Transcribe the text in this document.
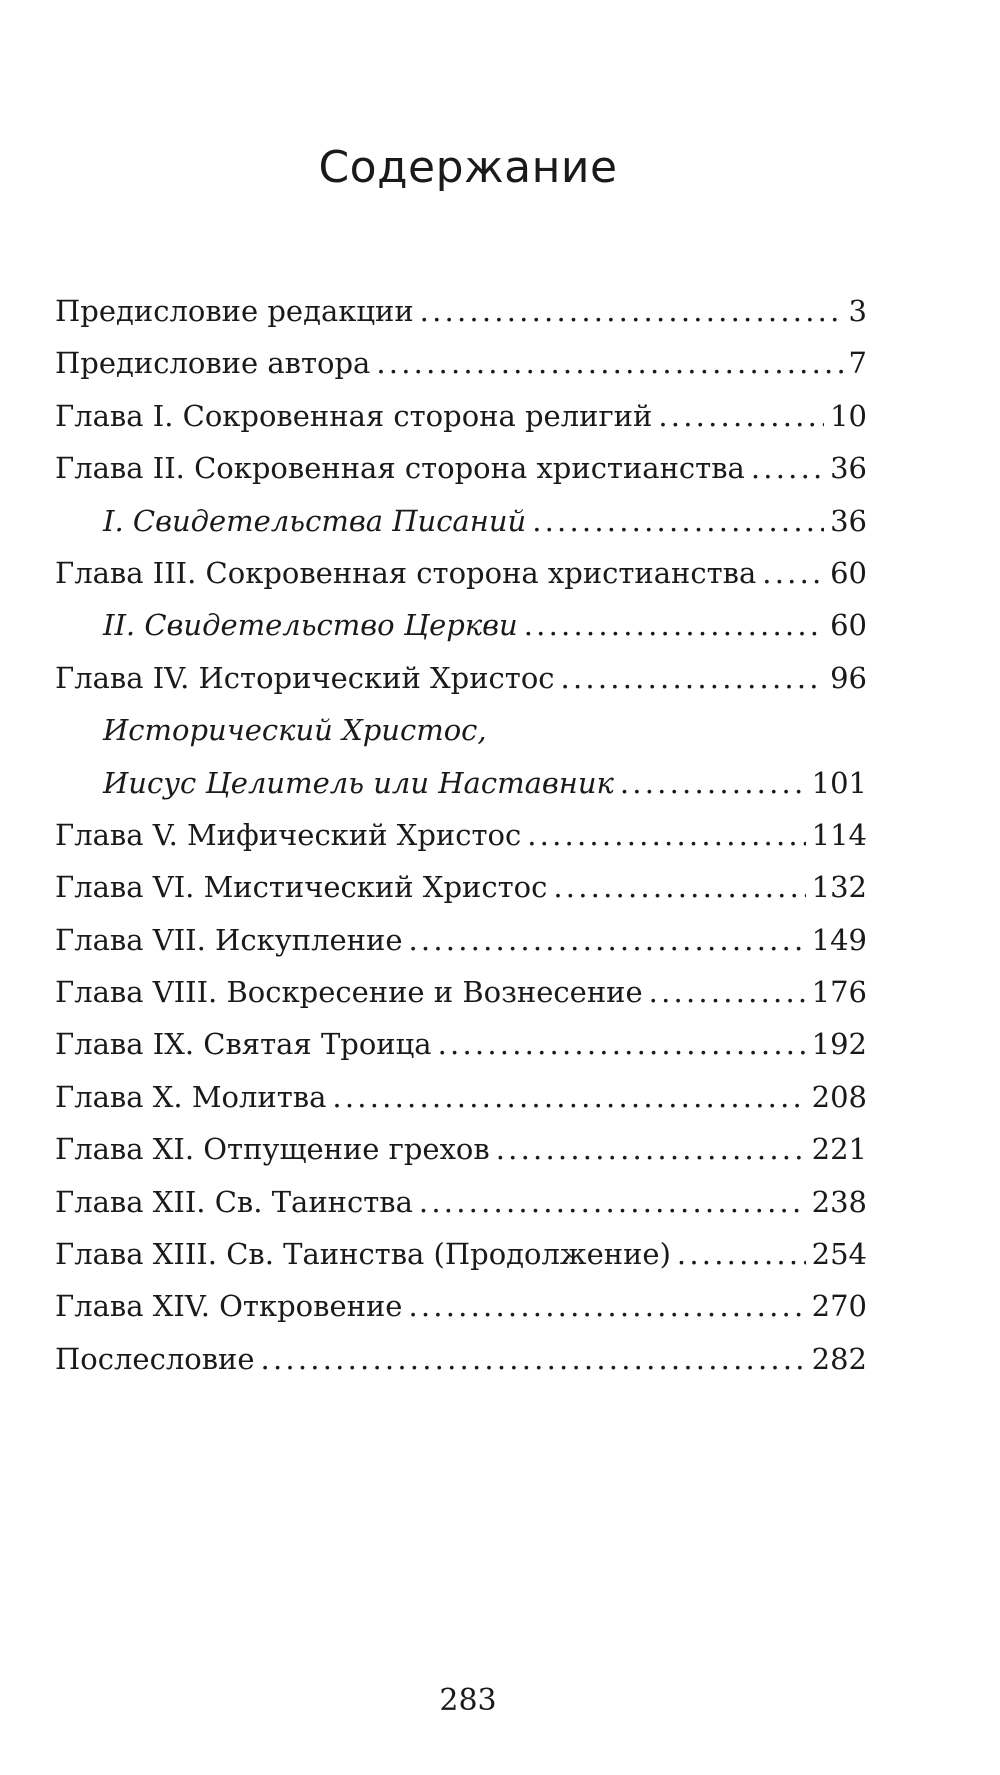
Содержание
Предисловие редакции . . .	3
Предисловие автора . . .	7
Глава I. Сокровенная сторона религий . . .	10
Глава II. Сокровенная сторона христианства . . .	36
I. Свидетельства Писаний . . .	36
Глава III. Сокровенная сторона христианства . . .	60
II. Свидетельство Церкви . . .	60
Глава IV. Исторический Христос . . .	96
Исторический Христос,
Иисус Целитель или Наставник . . .	101
Глава V. Мифический Христос . . .	114
Глава VI. Мистический Христос . . .	132
Глава VII. Искупление . . .	149
Глава VIII. Воскресение и Вознесение . . .	176
Глава IX. Святая Троица . . .	192
Глава X. Молитва . . .	208
Глава XI. Отпущение грехов . . .	221
Глава XII. Св. Таинства . . .	238
Глава XIII. Св. Таинства (Продолжение) . . .	254
Глава XIV. Откровение . . .	270
Послесловие . . .	282
283
